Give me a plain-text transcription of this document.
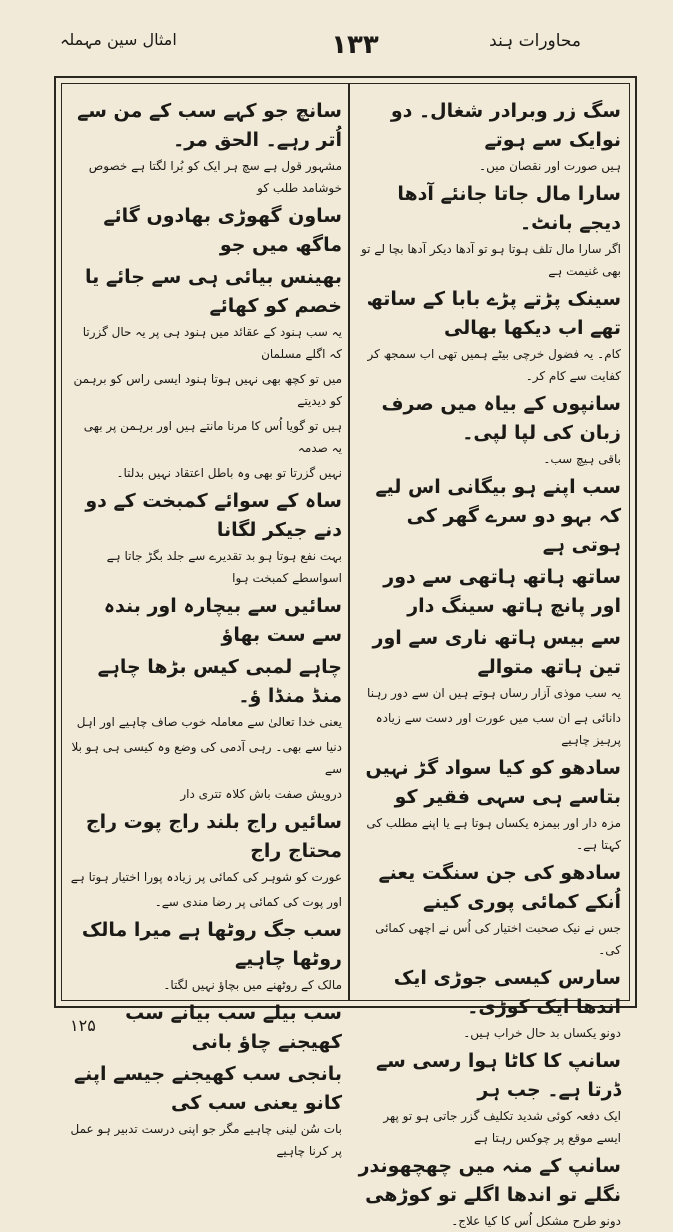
محاورات ہند
۱۳۳
امثال سین مہملہ

سگ زر وبرادر شغال۔ دو نوایک سے ہوتے

ہیں صورت اور نقصان میں۔

سارا مال جاتا جانئے آدھا دیجے بانٹ۔

اگر سارا مال تلف ہوتا ہو تو آدھا دیکر آدھا بچا لے تو بھی غنیمت ہے

سینک پڑتے پڑے بابا کے ساتھ تھے اب دیکھا بھالی

کام۔ یہ فضول خرچی بیٹے ہمیں تھی اب سمجھ کر کفایت سے کام کر۔

سانپوں کے بیاہ میں صرف زبان کی لپا لپی۔

باقی ہیچ سب۔

سب اپنے ہو بیگانی اس لیے کہ بہو دو سرے گھر کی ہوتی ہے

ساتھ ہاتھ ہاتھی سے دور اور پانچ ہاتھ سینگ دار

سے بیس ہاتھ ناری سے اور تین ہاتھ متوالے

یہ سب موذی آزار رساں ہوتے ہیں ان سے دور رہنا

دانائی ہے ان سب میں عورت اور دست سے زیادہ پرہیز چاہیے

سادھو کو کیا سواد گڑ نہیں بتاسے ہی سہی فقیر کو

مزہ دار اور بیمزہ یکساں ہوتا ہے یا اپنے مطلب کی کہتا ہے۔

سادھو کی جن سنگت یعنے اُنکے کمائی پوری کینے

جس نے نیک صحبت اختیار کی اُس نے اچھی کمائی کی۔

سارس کیسی جوڑی ایک اندھا ایک کوڑی۔

دونو یکساں بد حال خراب ہیں۔

سانپ کا کاٹا ہوا رسی سے ڈرتا ہے۔ جب ہر

ایک دفعہ کوئی شدید تکلیف گزر جاتی ہو تو پھر ایسے موقع پر چوکس رہتا ہے

سانپ کے منہ میں چھچھوندر نگلے تو اندھا اگلے تو کوڑھی

دونو طرح مشکل اُس کا کیا علاج۔

سانچ جو کہے سب کے من سے اُتر رہے۔ الحق مر۔

مشہور قول ہے سچ ہر ایک کو بُرا لگتا ہے خصوص خوشامد طلب کو

ساون گھوڑی بھادوں گائے ماگھ میں جو

بھینس بیائی ہی سے جائے یا خصم کو کھائے

یہ سب ہنود کے عقائد میں ہنود ہی پر یہ حال گزرتا کہ اگلے مسلمان

میں تو کچھ بھی نہیں ہوتا ہنود ایسی راس کو برہمن کو دیدیتے

ہیں تو گویا اُس کا مرنا مانتے ہیں اور برہمن پر بھی یہ صدمہ

نہیں گزرتا تو بھی وہ باطل اعتقاد نہیں بدلتا۔

ساہ کے سوائے کمبخت کے دو دنے جیکر لگانا

بہت نفع ہوتا ہو بد تقدیرے سے جلد بگڑ جاتا ہے اسواسطے کمبخت ہوا

سائیں سے بیچارہ اور بندہ سے ست بھاؤ

چاہے لمبی کیس بڑھا چاہے منڈ منڈا ؤ۔

یعنی خدا تعالیٰ سے معاملہ خوب صاف چاہیے اور اہل

دنیا سے بھی۔ رہی آدمی کی وضع وہ کیسی ہی ہو بلا سے

درویش صفت باش کلاہ تتری دار

سائیں راج بلند راج پوت راج محتاج راج

عورت کو شوہر کی کمائی پر زیادہ پورا اختیار ہوتا ہے

اور پوت کی کمائی پر رضا مندی سے۔

سب جگ روٹھا ہے میرا مالک روٹھا چاہیے

مالک کے روٹھنے میں بچاؤ نہیں لگتا۔

سب بیلے سب بیانے سب کھیجنے چاؤ بانی

بانجی سب کھیجنے جیسے اپنے کانو یعنی سب کی

بات سُن لینی چاہیے مگر جو اپنی درست تدبیر ہو عمل پر کرنا چاہیے

۱۲۵
